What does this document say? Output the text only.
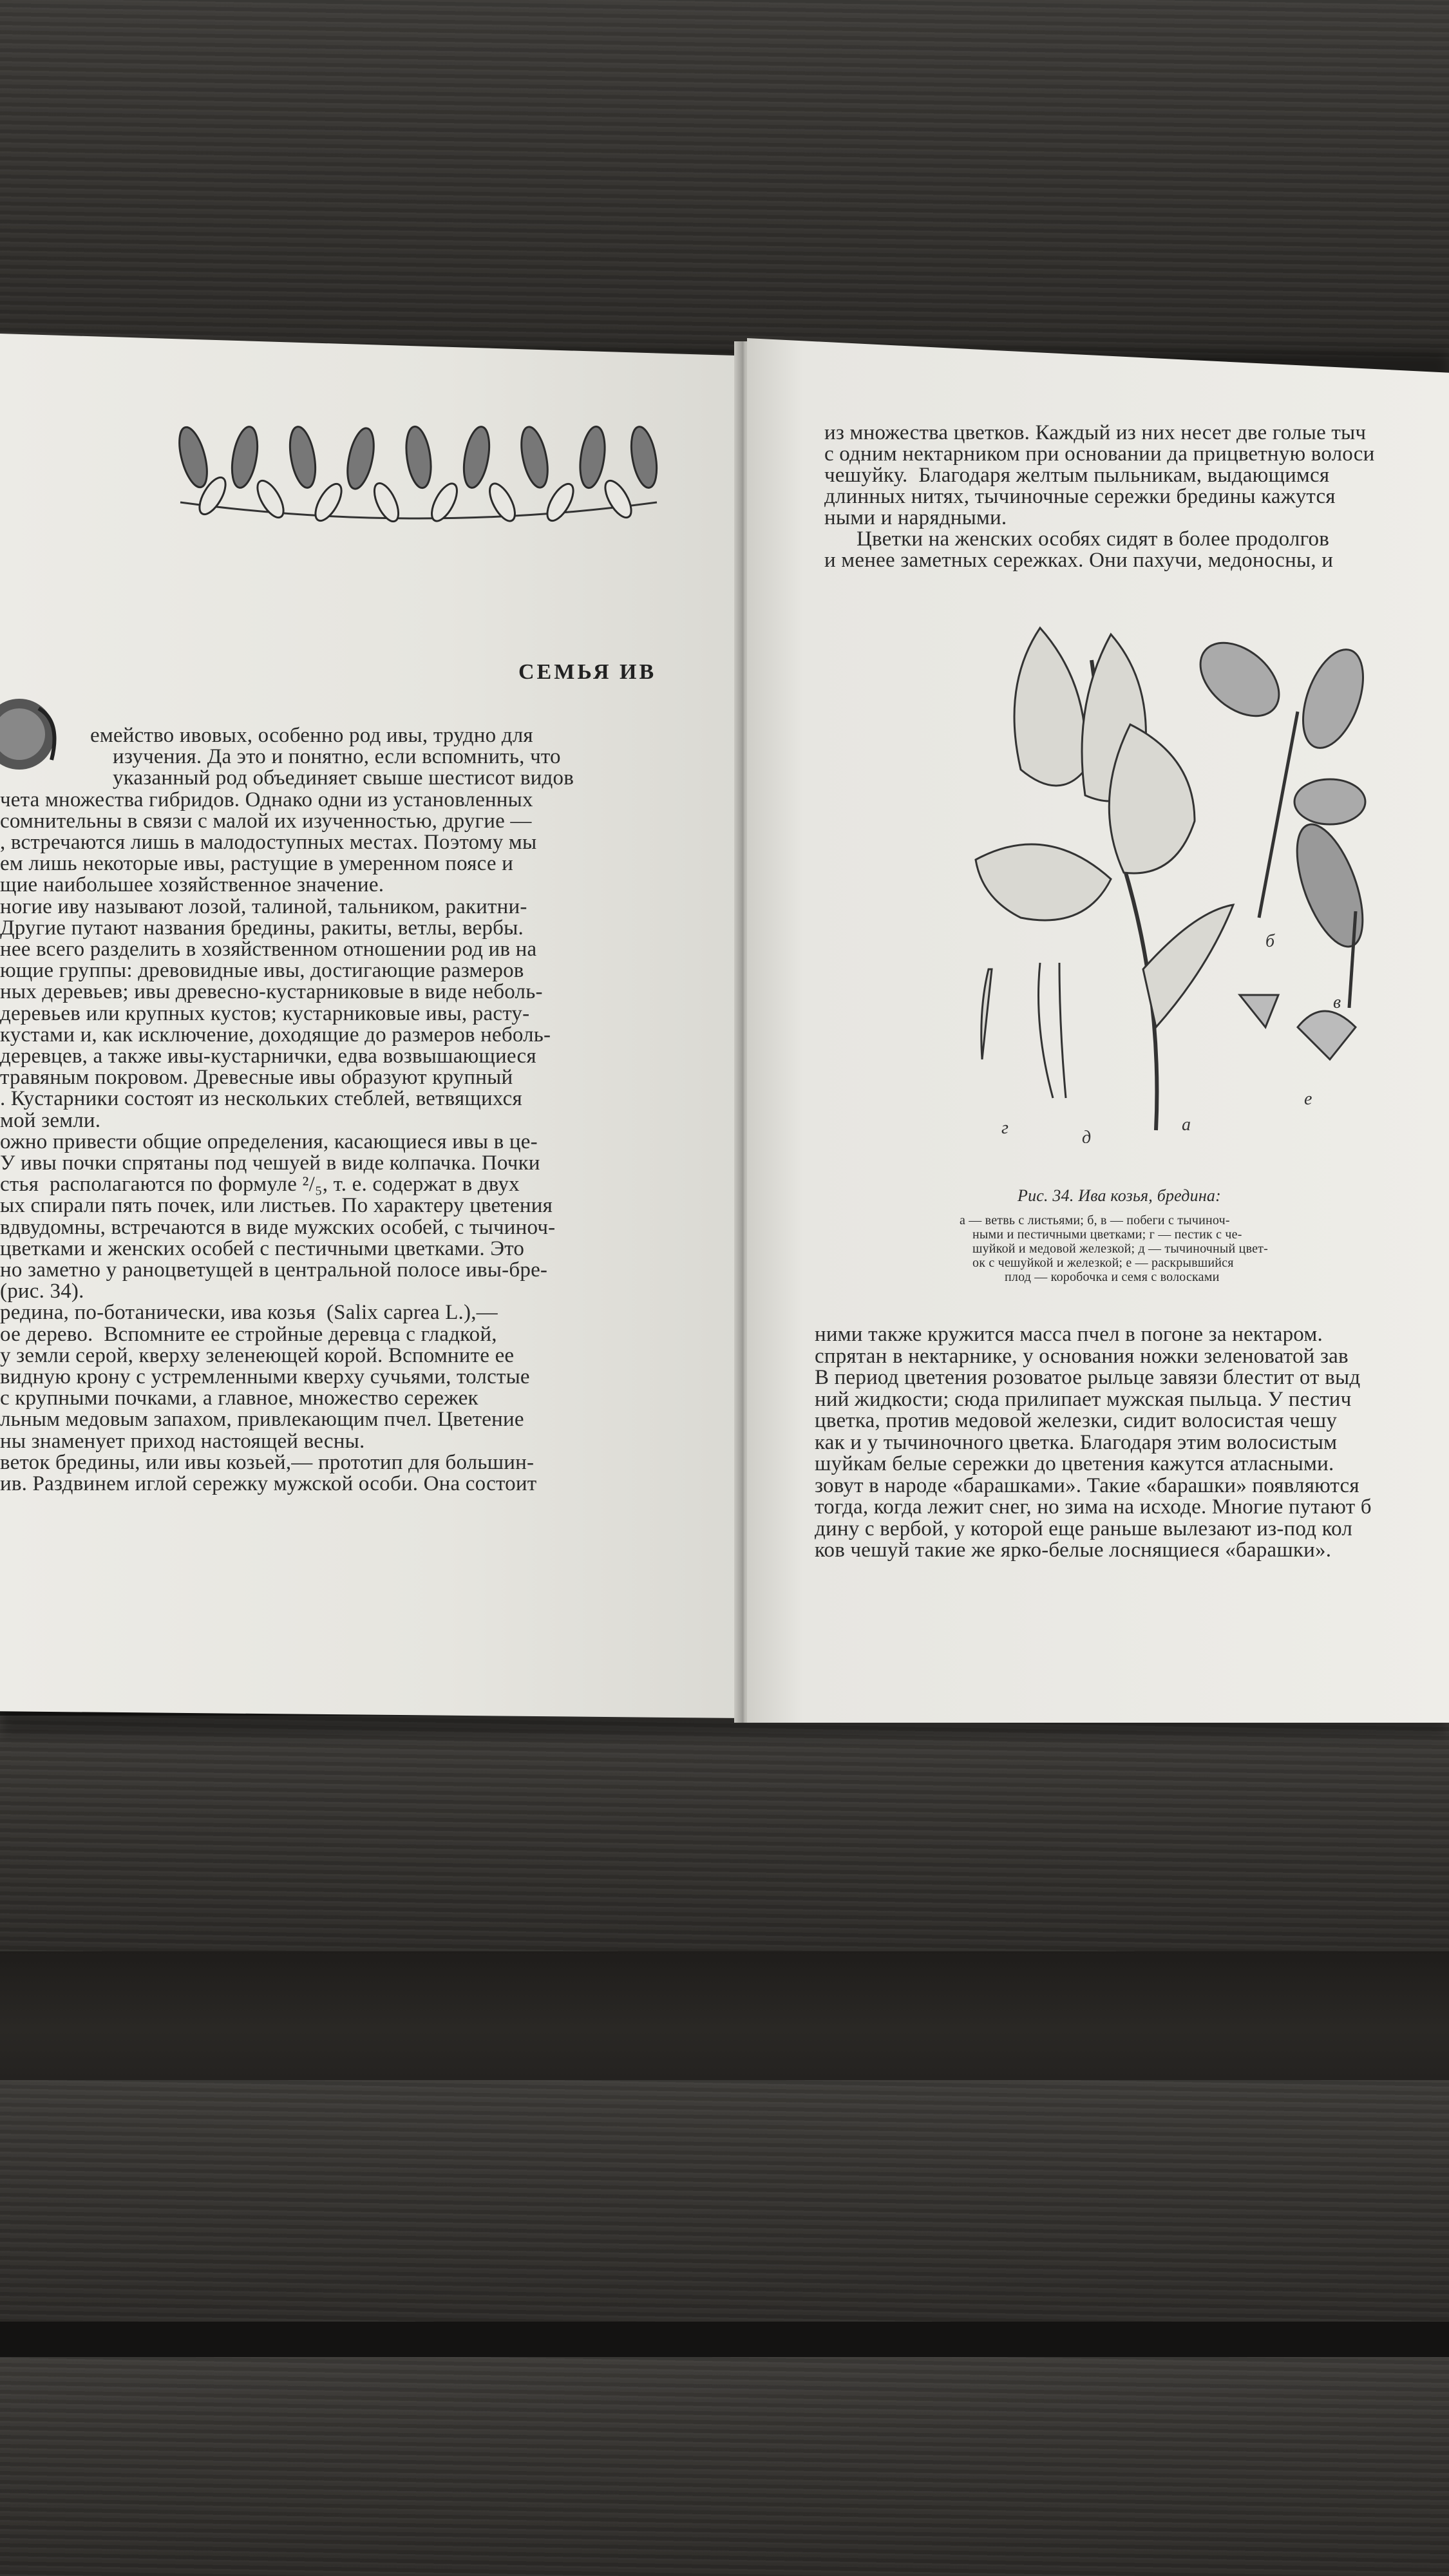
СЕМЬЯ ИВ
емейство ивовых, особенно род ивы, трудно для
изучения. Да это и понятно, если вспомнить, что
указанный род объединяет свыше шестисот видов
чета множества гибридов. Однако одни из установленных
сомнительны в связи с малой их изученностью, другие —
, встречаются лишь в малодоступных местах. Поэтому мы
ем лишь некоторые ивы, растущие в умеренном поясе и
щие наибольшее хозяйственное значение.
ногие иву называют лозой, талиной, тальником, ракитни-
Другие путают названия бредины, ракиты, ветлы, вербы.
нее всего разделить в хозяйственном отношении род ив на
ющие группы: древовидные ивы, достигающие размеров
ных деревьев; ивы древесно-кустарниковые в виде неболь-
деревьев или крупных кустов; кустарниковые ивы, расту-
кустами и, как исключение, доходящие до размеров неболь-
деревцев, а также ивы-кустарнички, едва возвышающиеся
травяным покровом. Древесные ивы образуют крупный
. Кустарники состоят из нескольких стеблей, ветвящихся
мой земли.
ожно привести общие определения, касающиеся ивы в це-
У ивы почки спрятаны под чешуей в виде колпачка. Почки
стья  располагаются по формуле ²/₅, т. е. содержат в двух
ых спирали пять почек, или листьев. По характеру цветения
вдвудомны, встречаются в виде мужских особей, с тычиноч-
цветками и женских особей с пестичными цветками. Это
но заметно у раноцветущей в центральной полосе ивы-бре-
(рис. 34).
редина, по-ботанически, ива козья  (Salix caprea L.),—
ое дерево.  Вспомните ее стройные деревца с гладкой,
у земли серой, кверху зеленеющей корой. Вспомните ее
видную крону с устремленными кверху сучьями, толстые
с крупными почками, а главное, множество сережек
льным медовым запахом, привлекающим пчел. Цветение
ны знаменует приход настоящей весны.
веток бредины, или ивы козьей,— прототип для большин-
ив. Раздвинем иглой сережку мужской особи. Она состоит
из множества цветков. Каждый из них несет две голые тыч
с одним нектарником при основании да прицветную волоси
чешуйку.  Благодаря желтым пыльникам, выдающимся
длинных нитях, тычиночные сережки бредины кажутся
ными и нарядными.
Цветки на женских особях сидят в более продолгов
и менее заметных сережках. Они пахучи, медоносны, и
б
в
г	д
а
е
Рис. 34. Ива козья, бредина:
а — ветвь с листьями; б, в — побеги с тычиноч-
ными и пестичными цветками; г — пестик с че-
шуйкой и медовой железкой; д — тычиночный цвет-
ок с чешуйкой и железкой; е — раскрывшийся
плод — коробочка и семя с волосками
ними также кружится масса пчел в погоне за нектаром.
спрятан в нектарнике, у основания ножки зеленоватой зав
В период цветения розоватое рыльце завязи блестит от выд
ний жидкости; сюда прилипает мужская пыльца. У пестич
цветка, против медовой железки, сидит волосистая чешу
как и у тычиночного цветка. Благодаря этим волосистым
шуйкам белые сережки до цветения кажутся атласными.
зовут в народе «барашками». Такие «барашки» появляются
тогда, когда лежит снег, но зима на исходе. Многие путают б
дину с вербой, у которой еще раньше вылезают из-под кол
ков чешуй такие же ярко-белые лоснящиеся «барашки».
